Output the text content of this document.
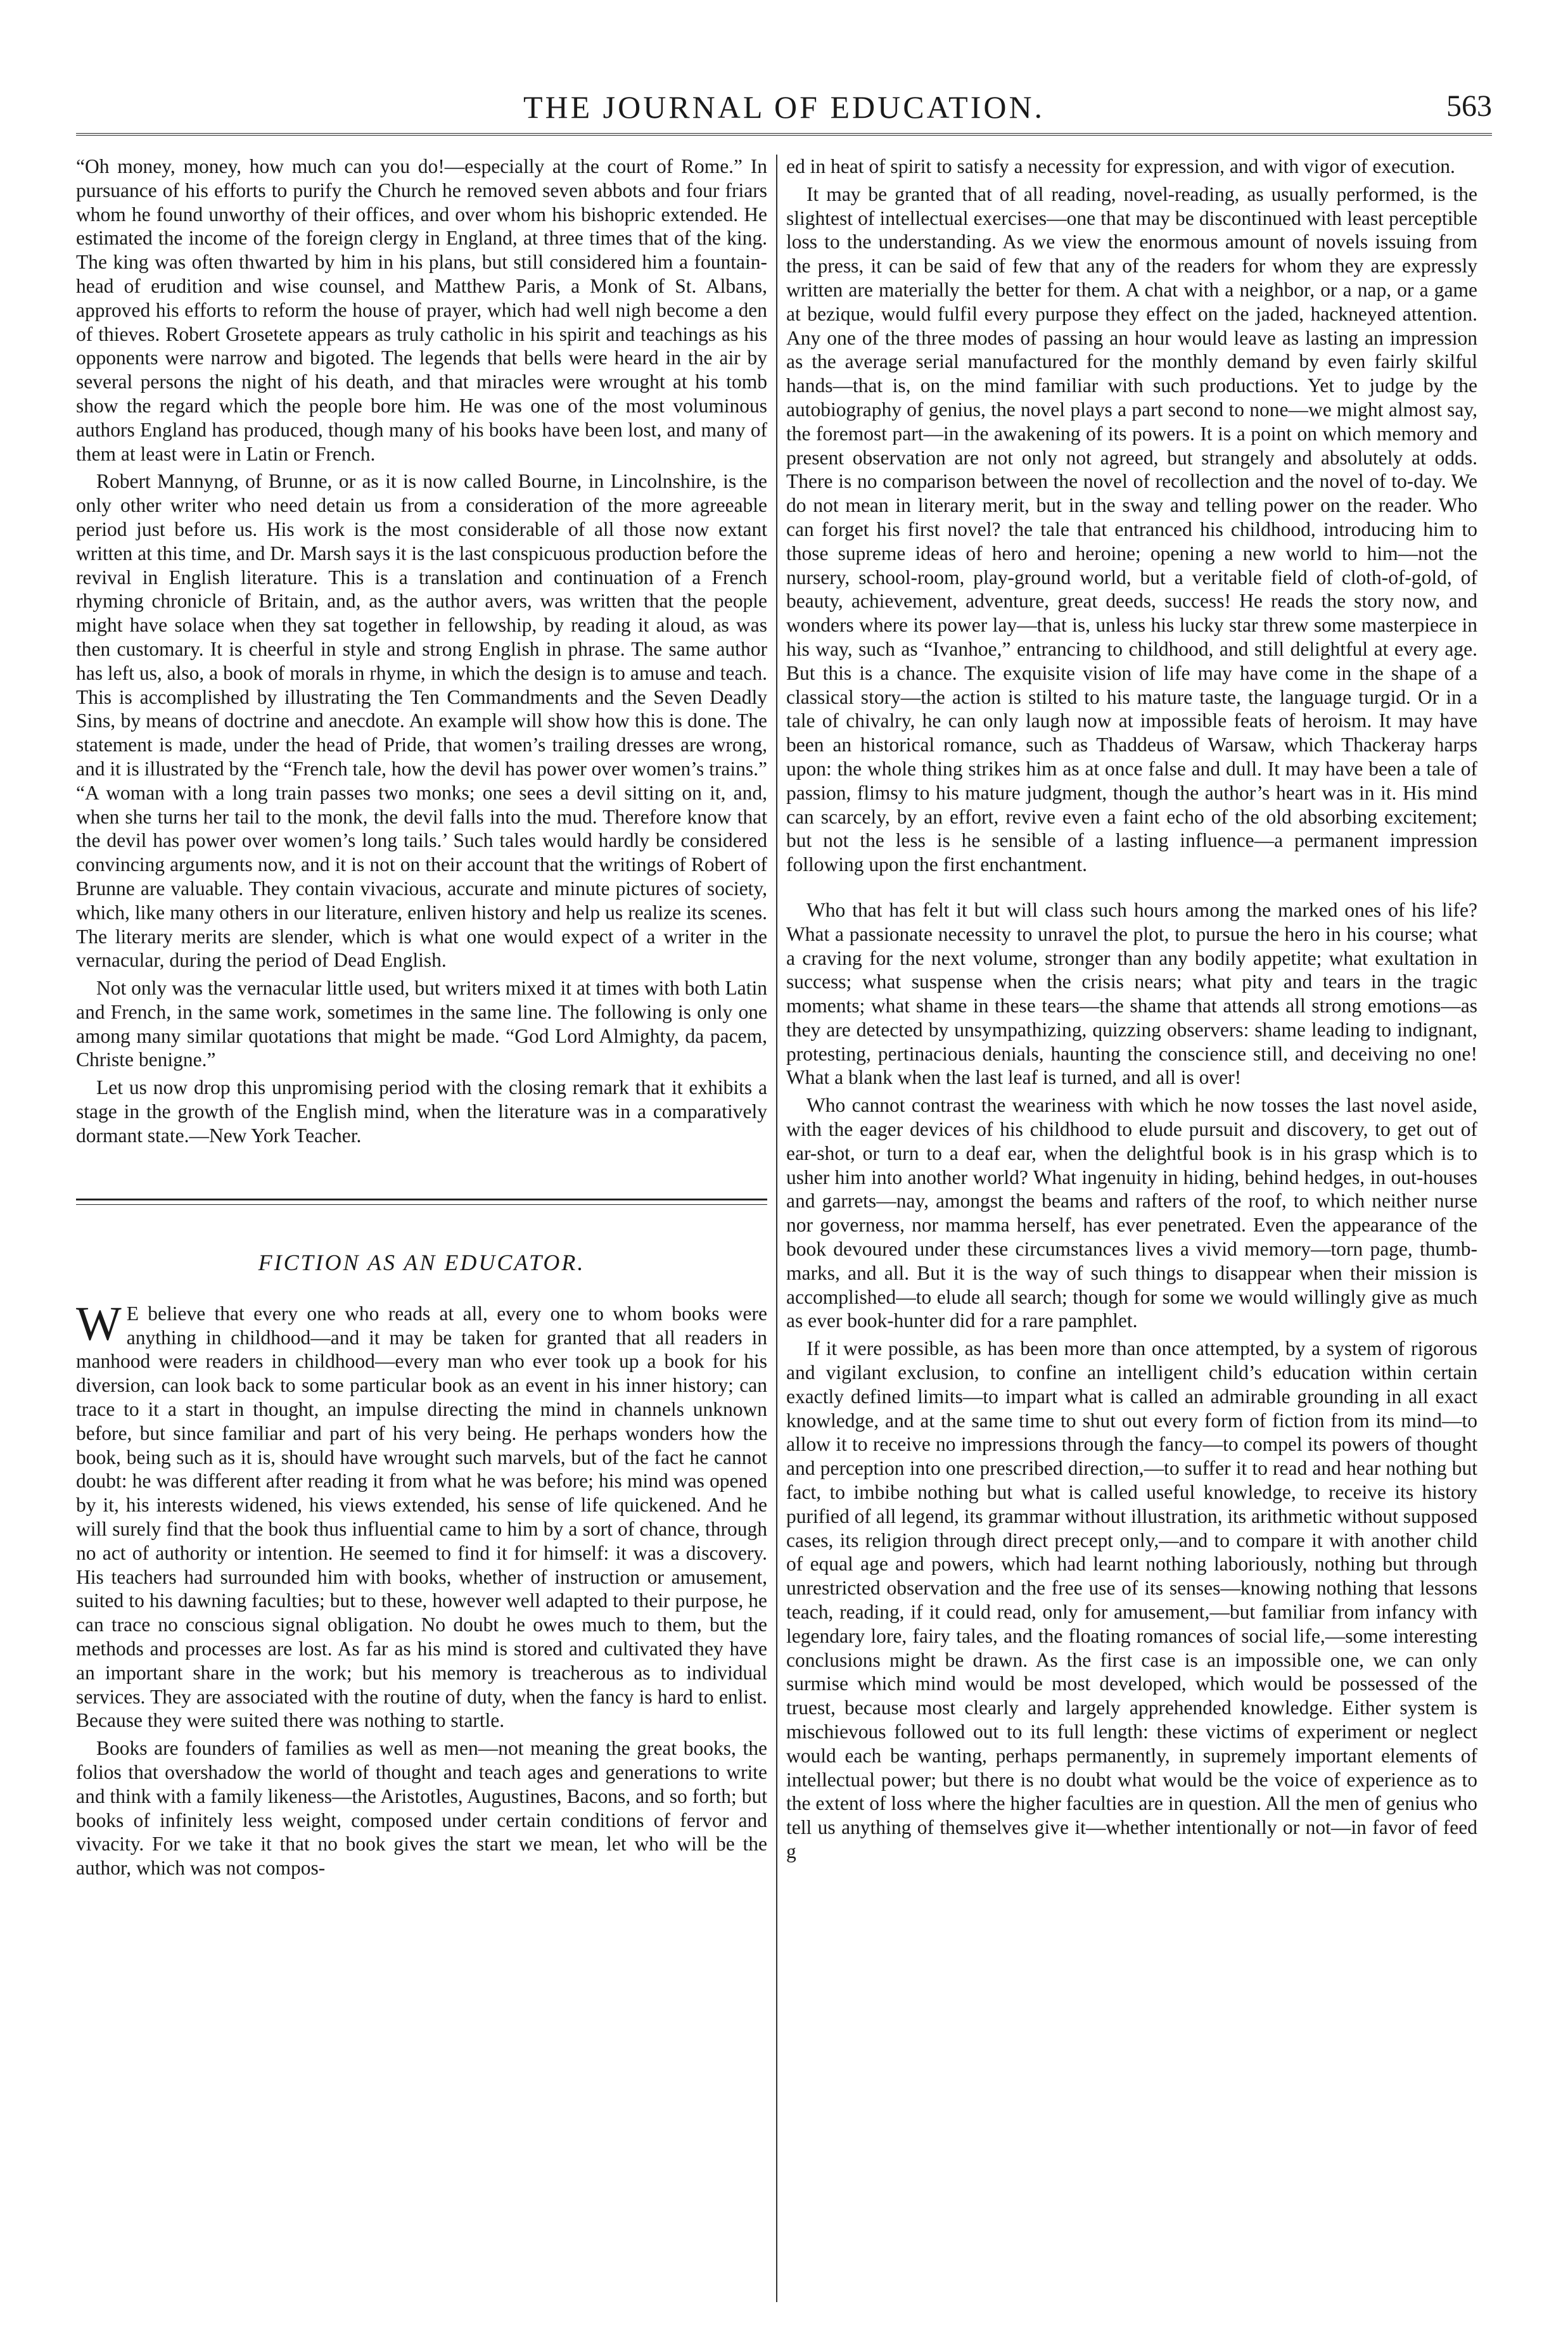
THE JOURNAL OF EDUCATION.	563

“Oh money, money, how much can you do!—especially at the court of Rome.” In pursuance of his efforts to purify the Church he removed seven abbots and four friars whom he found unworthy of their offices, and over whom his bishopric extended. He estimated the income of the foreign clergy in England, at three times that of the king. The king was often thwarted by him in his plans, but still considered him a fountain-head of erudition and wise counsel, and Matthew Paris, a Monk of St. Albans, approved his efforts to reform the house of prayer, which had well nigh become a den of thieves. Robert Grosetete appears as truly catholic in his spirit and teachings as his opponents were narrow and bigoted. The legends that bells were heard in the air by several persons the night of his death, and that miracles were wrought at his tomb show the regard which the people bore him. He was one of the most voluminous authors England has produced, though many of his books have been lost, and many of them at least were in Latin or French.

Robert Mannyng, of Brunne, or as it is now called Bourne, in Lincolnshire, is the only other writer who need detain us from a consideration of the more agreeable period just before us. His work is the most considerable of all those now extant written at this time, and Dr. Marsh says it is the last conspicuous production before the revival in English literature. This is a translation and continuation of a French rhyming chronicle of Britain, and, as the author avers, was written that the people might have solace when they sat together in fellowship, by reading it aloud, as was then customary. It is cheerful in style and strong English in phrase. The same author has left us, also, a book of morals in rhyme, in which the design is to amuse and teach. This is accomplished by illustrating the Ten Commandments and the Seven Deadly Sins, by means of doctrine and anecdote. An example will show how this is done. The statement is made, under the head of Pride, that women’s trailing dresses are wrong, and it is illustrated by the “French tale, how the devil has power over women’s trains.” “A woman with a long train passes two monks; one sees a devil sitting on it, and, when she turns her tail to the monk, the devil falls into the mud. Therefore know that the devil has power over women’s long tails.’ Such tales would hardly be considered convincing arguments now, and it is not on their account that the writings of Robert of Brunne are valuable. They contain vivacious, accurate and minute pictures of society, which, like many others in our literature, enliven history and help us realize its scenes. The literary merits are slender, which is what one would expect of a writer in the vernacular, during the period of Dead English.

Not only was the vernacular little used, but writers mixed it at times with both Latin and French, in the same work, sometimes in the same line. The following is only one among many similar quotations that might be made. “God Lord Almighty, da pacem, Christe benigne.”

Let us now drop this unpromising period with the closing remark that it exhibits a stage in the growth of the English mind, when the literature was in a comparatively dormant state.—New York Teacher.

FICTION AS AN EDUCATOR.

W E believe that every one who reads at all, every one to whom books were anything in childhood—and it may be taken for granted that all readers in manhood were readers in childhood—every man who ever took up a book for his diversion, can look back to some particular book as an event in his inner history; can trace to it a start in thought, an impulse directing the mind in channels unknown before, but since familiar and part of his very being. He perhaps wonders how the book, being such as it is, should have wrought such marvels, but of the fact he cannot doubt: he was different after reading it from what he was before; his mind was opened by it, his interests widened, his views extended, his sense of life quickened. And he will surely find that the book thus influential came to him by a sort of chance, through no act of authority or intention. He seemed to find it for himself: it was a discovery. His teachers had surrounded him with books, whether of instruction or amusement, suited to his dawning faculties; but to these, however well adapted to their purpose, he can trace no conscious signal obligation. No doubt he owes much to them, but the methods and processes are lost. As far as his mind is stored and cultivated they have an important share in the work; but his memory is treacherous as to individual services. They are associated with the routine of duty, when the fancy is hard to enlist. Because they were suited there was nothing to startle.

Books are founders of families as well as men—not meaning the great books, the folios that overshadow the world of thought and teach ages and generations to write and think with a family likeness—the Aristotles, Augustines, Bacons, and so forth; but books of infinitely less weight, composed under certain conditions of fervor and vivacity. For we take it that no book gives the start we mean, let who will be the author, which was not compos-

ed in heat of spirit to satisfy a necessity for expression, and with vigor of execution.

It may be granted that of all reading, novel-reading, as usually performed, is the slightest of intellectual exercises—one that may be discontinued with least perceptible loss to the understanding. As we view the enormous amount of novels issuing from the press, it can be said of few that any of the readers for whom they are expressly written are materially the better for them. A chat with a neighbor, or a nap, or a game at bezique, would fulfil every purpose they effect on the jaded, hackneyed attention. Any one of the three modes of passing an hour would leave as lasting an impression as the average serial manufactured for the monthly demand by even fairly skilful hands—that is, on the mind familiar with such productions. Yet to judge by the autobiography of genius, the novel plays a part second to none—we might almost say, the foremost part—in the awakening of its powers. It is a point on which memory and present observation are not only not agreed, but strangely and absolutely at odds. There is no comparison between the novel of recollection and the novel of to-day. We do not mean in literary merit, but in the sway and telling power on the reader. Who can forget his first novel? the tale that entranced his childhood, introducing him to those supreme ideas of hero and heroine; opening a new world to him—not the nursery, school-room, play-ground world, but a veritable field of cloth-of-gold, of beauty, achievement, adventure, great deeds, success! He reads the story now, and wonders where its power lay—that is, unless his lucky star threw some masterpiece in his way, such as “Ivanhoe,” entrancing to childhood, and still delightful at every age. But this is a chance. The exquisite vision of life may have come in the shape of a classical story—the action is stilted to his mature taste, the language turgid. Or in a tale of chivalry, he can only laugh now at impossible feats of heroism. It may have been an historical romance, such as Thaddeus of Warsaw, which Thackeray harps upon: the whole thing strikes him as at once false and dull. It may have been a tale of passion, flimsy to his mature judgment, though the author’s heart was in it. His mind can scarcely, by an effort, revive even a faint echo of the old absorbing excitement; but not the less is he sensible of a lasting influence—a permanent impression following upon the first enchantment.

Who that has felt it but will class such hours among the marked ones of his life? What a passionate necessity to unravel the plot, to pursue the hero in his course; what a craving for the next volume, stronger than any bodily appetite; what exultation in success; what suspense when the crisis nears; what pity and tears in the tragic moments; what shame in these tears—the shame that attends all strong emotions—as they are detected by unsympathizing, quizzing observers: shame leading to indignant, protesting, pertinacious denials, haunting the conscience still, and deceiving no one! What a blank when the last leaf is turned, and all is over!

Who cannot contrast the weariness with which he now tosses the last novel aside, with the eager devices of his childhood to elude pursuit and discovery, to get out of ear-shot, or turn to a deaf ear, when the delightful book is in his grasp which is to usher him into another world? What ingenuity in hiding, behind hedges, in out-houses and garrets—nay, amongst the beams and rafters of the roof, to which neither nurse nor governess, nor mamma herself, has ever penetrated. Even the appearance of the book devoured under these circumstances lives a vivid memory—torn page, thumb-marks, and all. But it is the way of such things to disappear when their mission is accomplished—to elude all search; though for some we would willingly give as much as ever book-hunter did for a rare pamphlet.

If it were possible, as has been more than once attempted, by a system of rigorous and vigilant exclusion, to confine an intelligent child’s education within certain exactly defined limits—to impart what is called an admirable grounding in all exact knowledge, and at the same time to shut out every form of fiction from its mind—to allow it to receive no impressions through the fancy—to compel its powers of thought and perception into one prescribed direction,—to suffer it to read and hear nothing but fact, to imbibe nothing but what is called useful knowledge, to receive its history purified of all legend, its grammar without illustration, its arithmetic without supposed cases, its religion through direct precept only,—and to compare it with another child of equal age and powers, which had learnt nothing laboriously, nothing but through unrestricted observation and the free use of its senses—knowing nothing that lessons teach, reading, if it could read, only for amusement,—but familiar from infancy with legendary lore, fairy tales, and the floating romances of social life,—some interesting conclusions might be drawn. As the first case is an impossible one, we can only surmise which mind would be most developed, which would be possessed of the truest, because most clearly and largely apprehended knowledge. Either system is mischievous followed out to its full length: these victims of experiment or neglect would each be wanting, perhaps permanently, in supremely important elements of intellectual power; but there is no doubt what would be the voice of experience as to the extent of loss where the higher faculties are in question. All the men of genius who tell us anything of themselves give it—whether intentionally or not—in favor of feed g
